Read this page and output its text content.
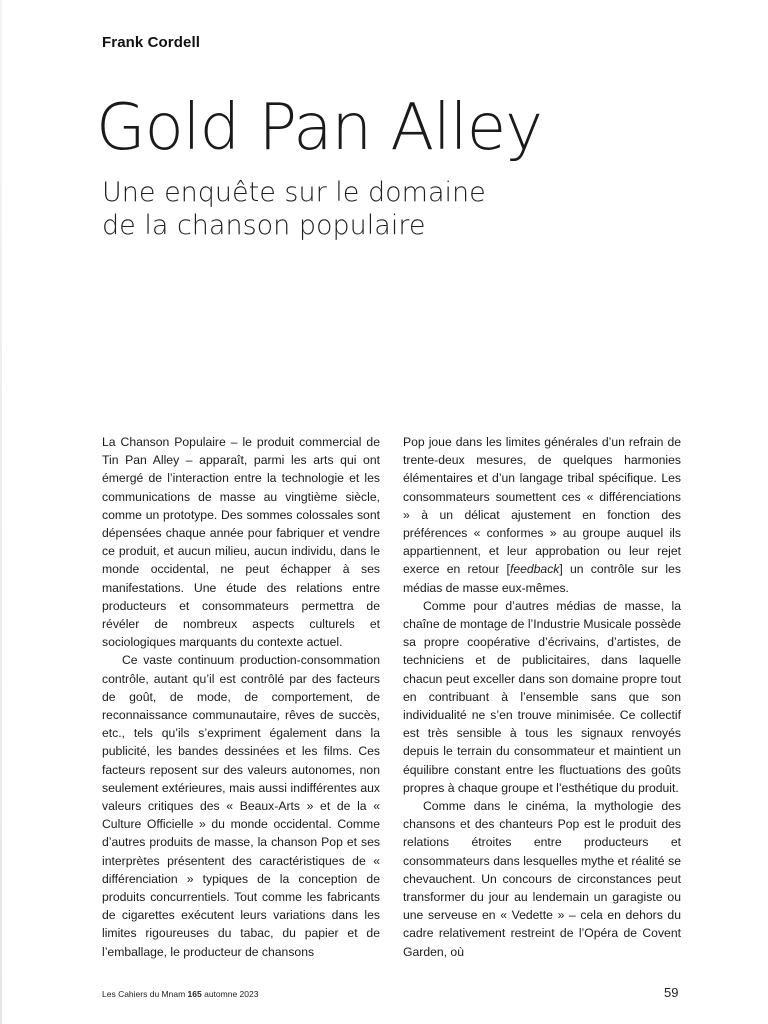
Frank Cordell
Gold Pan Alley
Une enquête sur le domaine
de la chanson populaire

La Chanson Populaire – le produit commercial de Tin Pan Alley – apparaît, parmi les arts qui ont émergé de l’interaction entre la technologie et les communications de masse au vingtième siècle, comme un prototype. Des sommes colossales sont dépensées chaque année pour fabriquer et vendre ce produit, et aucun milieu, aucun individu, dans le monde occidental, ne peut échapper à ses manifestations. Une étude des relations entre producteurs et consommateurs permettra de révéler de nombreux aspects culturels et sociologiques marquants du contexte actuel.

Ce vaste continuum production-consommation contrôle, autant qu’il est contrôlé par des facteurs de goût, de mode, de comportement, de reconnaissance communautaire, rêves de succès, etc., tels qu’ils s’expriment également dans la publicité, les bandes dessinées et les films. Ces facteurs reposent sur des valeurs autonomes, non seulement extérieures, mais aussi indifférentes aux valeurs critiques des « Beaux-Arts » et de la « Culture Officielle » du monde occidental. Comme d’autres produits de masse, la chanson Pop et ses interprètes présentent des caractéristiques de « différenciation » typiques de la conception de produits concurrentiels. Tout comme les fabricants de cigarettes exécutent leurs variations dans les limites rigoureuses du tabac, du papier et de l’emballage, le producteur de chansons

Pop joue dans les limites générales d’un refrain de trente-deux mesures, de quelques harmonies élémentaires et d’un langage tribal spécifique. Les consommateurs soumettent ces « différenciations » à un délicat ajustement en fonction des préférences « conformes » au groupe auquel ils appartiennent, et leur approbation ou leur rejet exerce en retour [feedback] un contrôle sur les médias de masse eux-mêmes.

Comme pour d’autres médias de masse, la chaîne de montage de l’Industrie Musicale possède sa propre coopérative d’écrivains, d’artistes, de techniciens et de publicitaires, dans laquelle chacun peut exceller dans son domaine propre tout en contribuant à l’ensemble sans que son individualité ne s’en trouve minimisée. Ce collectif est très sensible à tous les signaux renvoyés depuis le terrain du consommateur et maintient un équilibre constant entre les fluctuations des goûts propres à chaque groupe et l’esthétique du produit.

Comme dans le cinéma, la mythologie des chansons et des chanteurs Pop est le produit des relations étroites entre producteurs et consommateurs dans lesquelles mythe et réalité se chevauchent. Un concours de circonstances peut transformer du jour au lendemain un garagiste ou une serveuse en « Vedette » – cela en dehors du cadre relativement restreint de l’Opéra de Covent Garden, où

Les Cahiers du Mnam 165 automne 2023	59
